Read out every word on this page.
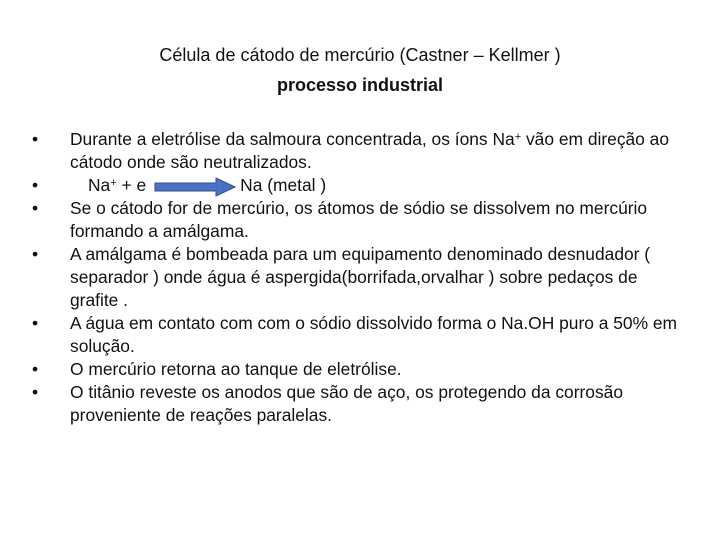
Célula de cátodo de mercúrio (Castner – Kellmer )
processo industrial
• Durante a eletrólise da salmoura concentrada, os íons Na+ vão em direção ao cátodo onde são neutralizados.
•	Na+ + e	Na (metal )
• Se o cátodo for de mercúrio, os átomos de sódio se dissolvem no mercúrio formando a amálgama.
• A amálgama é bombeada para um equipamento denominado desnudador ( separador ) onde água é aspergida(borrifada,orvalhar ) sobre pedaços de grafite .
• A água em contato com com o sódio dissolvido forma o Na.OH puro a 50% em solução.
• O mercúrio retorna ao tanque de eletrólise.
• O titânio reveste os anodos que são de aço, os protegendo da corrosão proveniente de reações paralelas.
